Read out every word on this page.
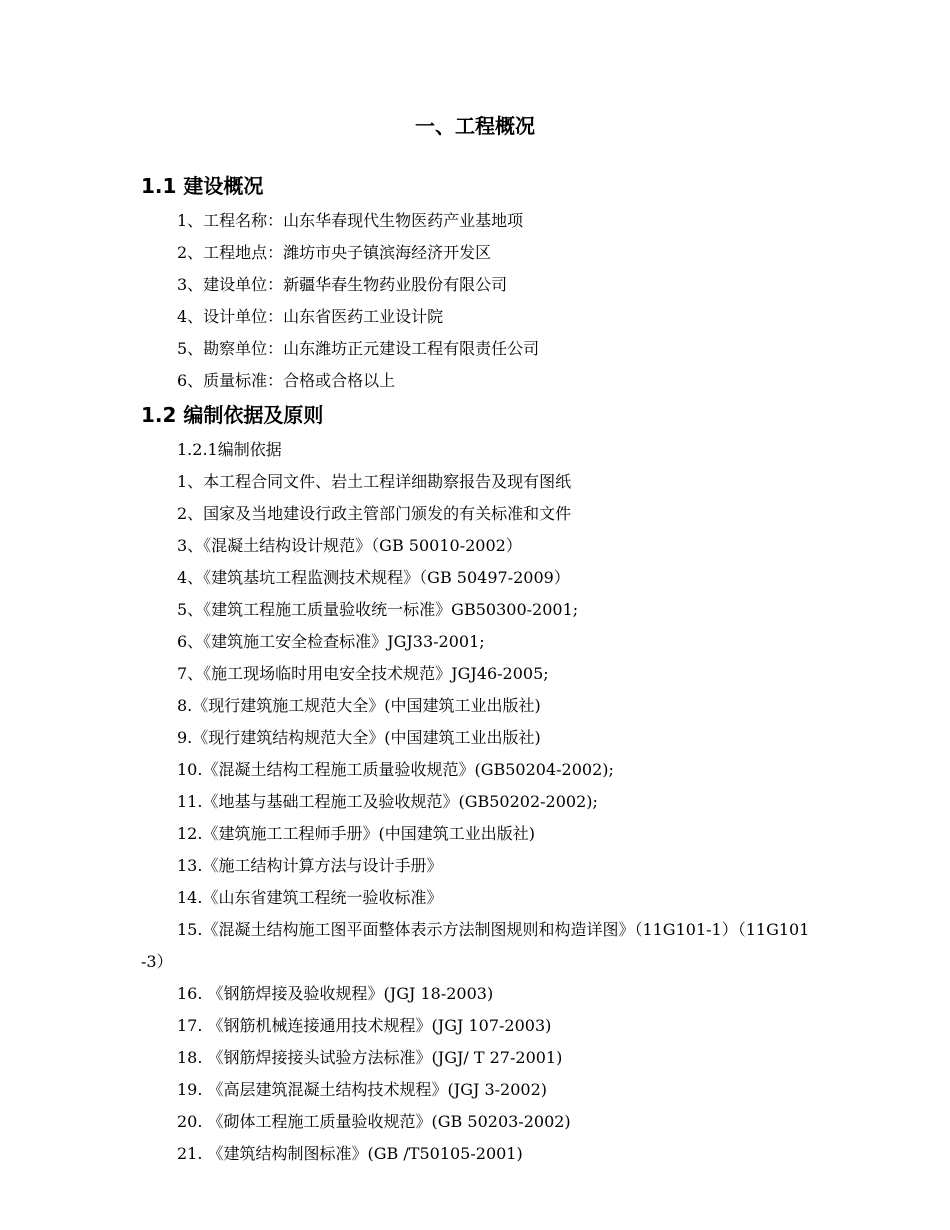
一、工程概况
1.1 建设概况
1、工程名称：山东华春现代生物医药产业基地项
2、工程地点：潍坊市央子镇滨海经济开发区
3、建设单位：新疆华春生物药业股份有限公司
4、设计单位：山东省医药工业设计院
5、勘察单位：山东潍坊正元建设工程有限责任公司
6、质量标准：合格或合格以上
1.2 编制依据及原则
1.2.1编制依据
1、本工程合同文件、岩土工程详细勘察报告及现有图纸
2、国家及当地建设行政主管部门颁发的有关标准和文件
3、《混凝土结构设计规范》（GB 50010-2002）
4、《建筑基坑工程监测技术规程》（GB 50497-2009）
5、《建筑工程施工质量验收统一标准》GB50300-2001;
6、《建筑施工安全检查标准》JGJ33-2001;
7、《施工现场临时用电安全技术规范》JGJ46-2005;
8.《现行建筑施工规范大全》(中国建筑工业出版社)
9.《现行建筑结构规范大全》(中国建筑工业出版社)
10.《混凝土结构工程施工质量验收规范》(GB50204-2002);
11.《地基与基础工程施工及验收规范》(GB50202-2002);
12.《建筑施工工程师手册》(中国建筑工业出版社)
13.《施工结构计算方法与设计手册》
14.《山东省建筑工程统一验收标准》
15.《混凝土结构施工图平面整体表示方法制图规则和构造详图》（11G101-1）（11G101-3）
16. 《钢筋焊接及验收规程》(JGJ 18-2003)
17. 《钢筋机械连接通用技术规程》(JGJ 107-2003)
18. 《钢筋焊接接头试验方法标准》(JGJ/ T 27-2001)
19. 《高层建筑混凝土结构技术规程》(JGJ 3-2002)
20. 《砌体工程施工质量验收规范》(GB 50203-2002)
21. 《建筑结构制图标准》(GB /T50105-2001)
